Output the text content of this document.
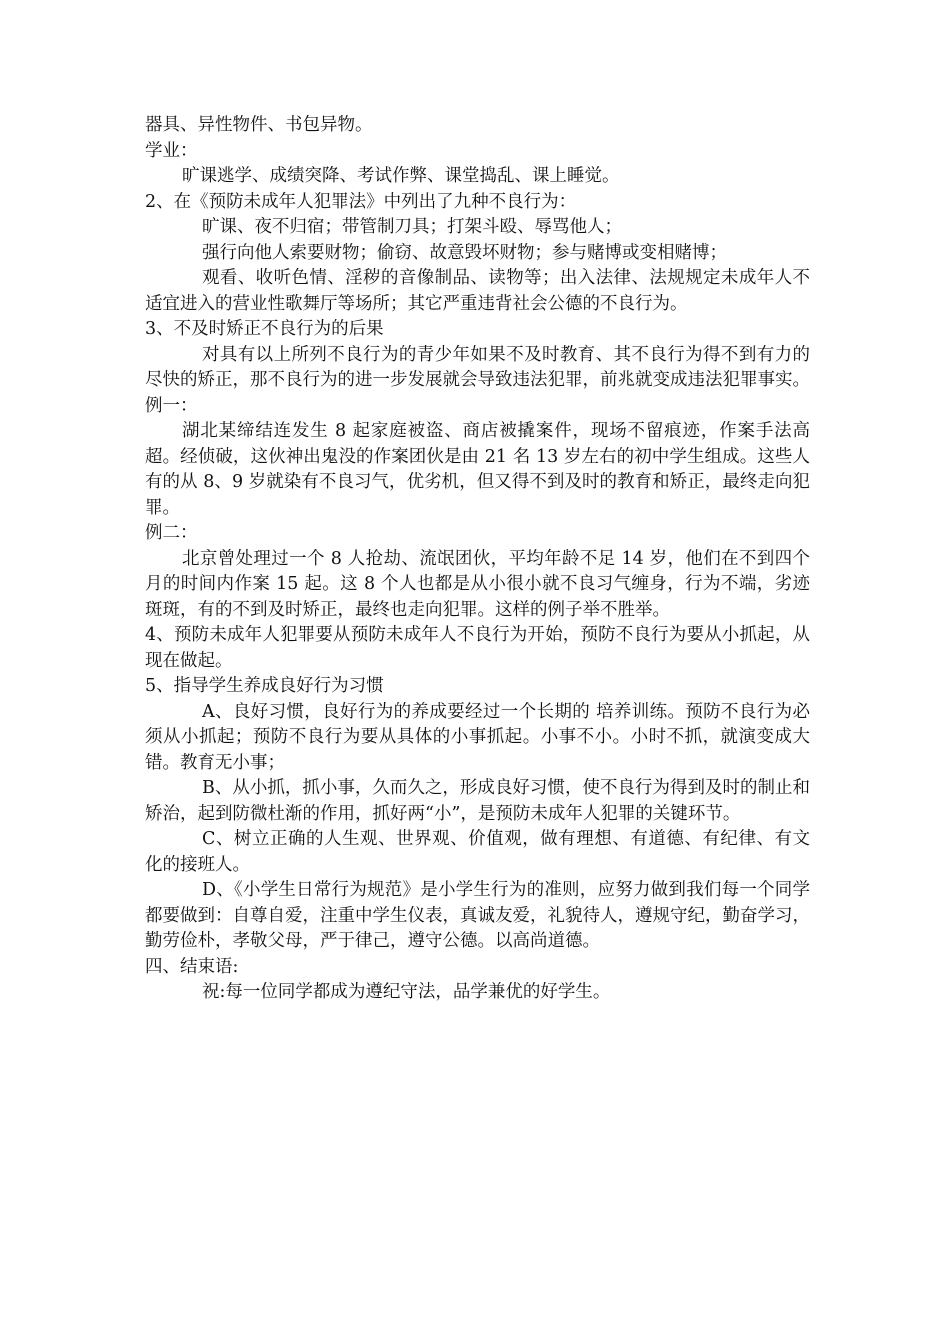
器具、异性物件、书包异物。

学业：

旷课逃学、成绩突降、考试作弊、课堂捣乱、课上睡觉。

2、在《预防未成年人犯罪法》中列出了九种不良行为：

旷课、夜不归宿；带管制刀具；打架斗殴、辱骂他人；

强行向他人索要财物；偷窃、故意毁坏财物；参与赌博或变相赌博；

观看、收听色情、淫秽的音像制品、读物等；出入法律、法规规定未成年人不适宜进入的营业性歌舞厅等场所；其它严重违背社会公德的不良行为。

3、不及时矫正不良行为的后果

对具有以上所列不良行为的青少年如果不及时教育、其不良行为得不到有力的尽快的矫正，那不良行为的进一步发展就会导致违法犯罪，前兆就变成违法犯罪事实。

例一：

湖北某缔结连发生 8 起家庭被盗、商店被撬案件，现场不留痕迹，作案手法高超。经侦破，这伙神出鬼没的作案团伙是由 21 名 13 岁左右的初中学生组成。这些人有的从 8、9 岁就染有不良习气，优劣机，但又得不到及时的教育和矫正，最终走向犯罪。

例二：

北京曾处理过一个 8 人抢劫、流氓团伙，平均年龄不足 14 岁，他们在不到四个月的时间内作案 15 起。这 8 个人也都是从小很小就不良习气缠身，行为不端，劣迹斑斑，有的不到及时矫正，最终也走向犯罪。这样的例子举不胜举。

4、预防未成年人犯罪要从预防未成年人不良行为开始，预防不良行为要从小抓起，从现在做起。

5、指导学生养成良好行为习惯

A、良好习惯，良好行为的养成要经过一个长期的 培养训练。预防不良行为必须从小抓起；预防不良行为要从具体的小事抓起。小事不小。小时不抓，就演变成大错。教育无小事；

B、从小抓，抓小事，久而久之，形成良好习惯，使不良行为得到及时的制止和矫治，起到防微杜渐的作用，抓好两“小”，是预防未成年人犯罪的关键环节。

C、树立正确的人生观、世界观、价值观，做有理想、有道德、有纪律、有文化的接班人。

D、《小学生日常行为规范》是小学生行为的准则，应努力做到我们每一个同学都要做到：自尊自爱，注重中学生仪表，真诚友爱，礼貌待人，遵规守纪，勤奋学习，勤劳俭朴，孝敬父母，严于律己，遵守公德。以高尚道德。

四、结束语:

祝:每一位同学都成为遵纪守法，品学兼优的好学生。
